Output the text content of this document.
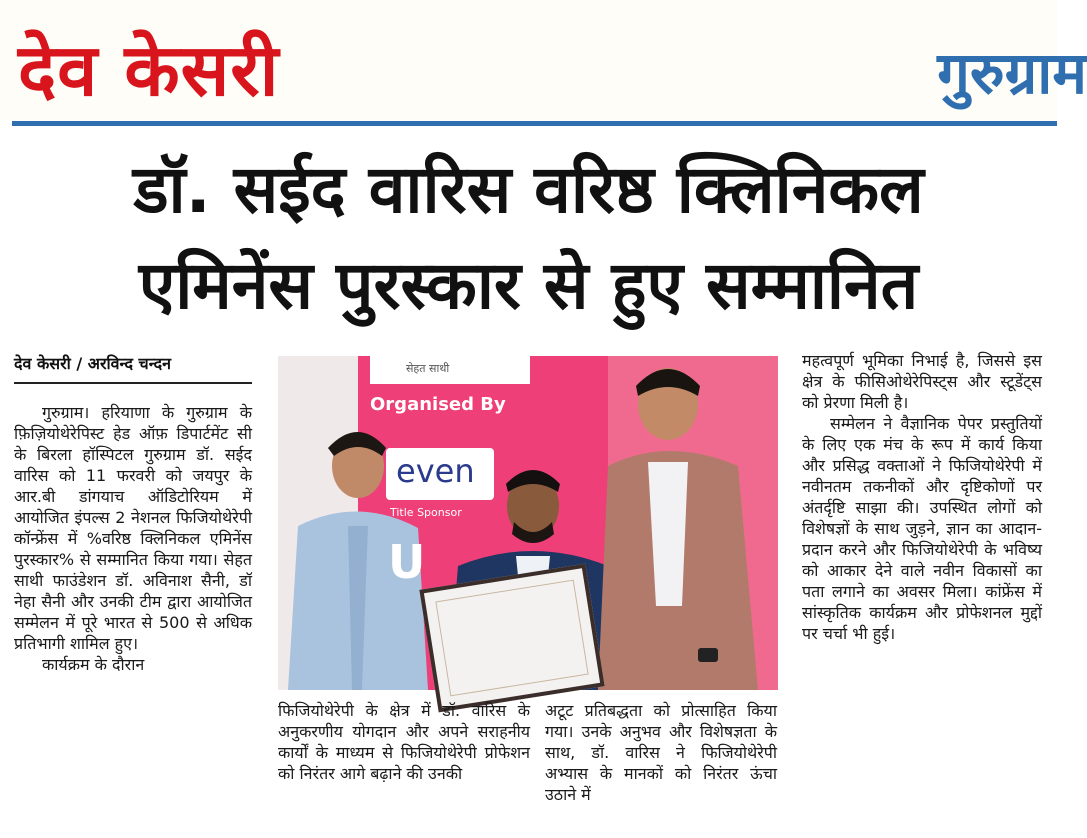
देव केसरी	गुरुग्राम
डॉ. सईद वारिस वरिष्ठ क्लिनिकल
एमिनेंस पुरस्कार से हुए सम्मानित
देव केसरी / अरविन्द चन्दन
गुरुग्राम। हरियाणा के गुरुग्राम के फ़िज़ियोथेरेपिस्ट हेड ऑफ़ डिपार्टमेंट सी के बिरला हॉस्पिटल गुरुग्राम डॉ. सईद वारिस को 11 फरवरी को जयपुर के आर.बी डांगयाच ऑडिटोरियम में आयोजित इंपल्स 2 नेशनल फिजियोथेरेपी कॉन्फ्रेंस में %वरिष्ठ क्लिनिकल एमिनेंस पुरस्कार% से सम्मानित किया गया। सेहत साथी फाउंडेशन डॉ. अविनाश सैनी, डॉ नेहा सैनी और उनकी टीम द्वारा आयोजित सम्मेलन में पूरे भारत से 500 से अधिक प्रतिभागी शामिल हुए।
कार्यक्रम के दौरान
U
सेहत साथी
Organised By
even
Title Sponsor
फिजियोथेरेपी के क्षेत्र में डॉ. वारिस के अनुकरणीय योगदान और अपने सराहनीय कार्यों के माध्यम से फिजियोथेरेपी प्रोफेशन को निरंतर आगे बढ़ाने की उनकी
अटूट प्रतिबद्धता को प्रोत्साहित किया गया। उनके अनुभव और विशेषज्ञता के साथ, डॉ. वारिस ने फिजियोथेरेपी अभ्यास के मानकों को निरंतर ऊंचा उठाने में
महत्वपूर्ण भूमिका निभाई है, जिससे इस क्षेत्र के फीसिओथेरेपिस्ट्स और स्टूडेंट्स को प्रेरणा मिली है।
सम्मेलन ने वैज्ञानिक पेपर प्रस्तुतियों के लिए एक मंच के रूप में कार्य किया और प्रसिद्ध वक्ताओं ने फिजियोथेरेपी में नवीनतम तकनीकों और दृष्टिकोणों पर अंतर्दृष्टि साझा की। उपस्थित लोगों को विशेषज्ञों के साथ जुड़ने, ज्ञान का आदान-प्रदान करने और फिजियोथेरेपी के भविष्य को आकार देने वाले नवीन विकासों का पता लगाने का अवसर मिला। कांफ्रेंस में सांस्कृतिक कार्यक्रम और प्रोफेशनल मुद्दों पर चर्चा भी हुई।
